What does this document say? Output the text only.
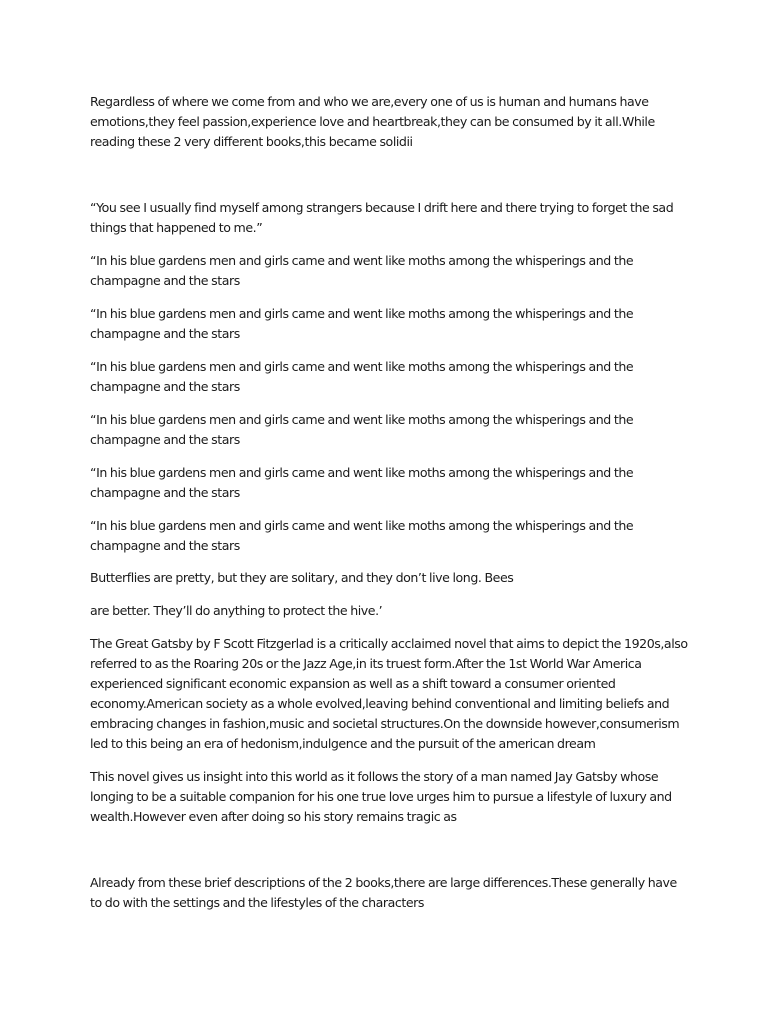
Regardless of where we come from and who we are,every one of us is human and humans have emotions,they feel passion,experience love and heartbreak,they can be consumed by it all.While reading these 2 very different books,this became solidii

“You see I usually find myself among strangers because I drift here and there trying to forget the sad things that happened to me.”

“In his blue gardens men and girls came and went like moths among the whisperings and the champagne and the stars

“In his blue gardens men and girls came and went like moths among the whisperings and the champagne and the stars

“In his blue gardens men and girls came and went like moths among the whisperings and the champagne and the stars

“In his blue gardens men and girls came and went like moths among the whisperings and the champagne and the stars

“In his blue gardens men and girls came and went like moths among the whisperings and the champagne and the stars

“In his blue gardens men and girls came and went like moths among the whisperings and the champagne and the stars

Butterflies are pretty, but they are solitary, and they don’t live long. Bees

are better. They’ll do anything to protect the hive.’

The Great Gatsby by F Scott Fitzgerlad is a critically acclaimed novel that aims to depict the 1920s,also referred to as the Roaring 20s or the Jazz Age,in its truest form.After the 1st World War America experienced significant economic expansion as well as a shift toward a consumer oriented economy.American society as a whole evolved,leaving behind conventional and limiting beliefs and embracing changes in fashion,music and societal structures.On the downside however,consumerism led to this being an era of hedonism,indulgence and the pursuit of the american dream

This novel gives us insight into this world as it follows the story of a man named Jay Gatsby whose longing to be a suitable companion for his one true love urges him to pursue a lifestyle of luxury and wealth.However even after doing so his story remains tragic as

Already from these brief descriptions of the 2 books,there are large differences.These generally have to do with the settings and the lifestyles of the characters
